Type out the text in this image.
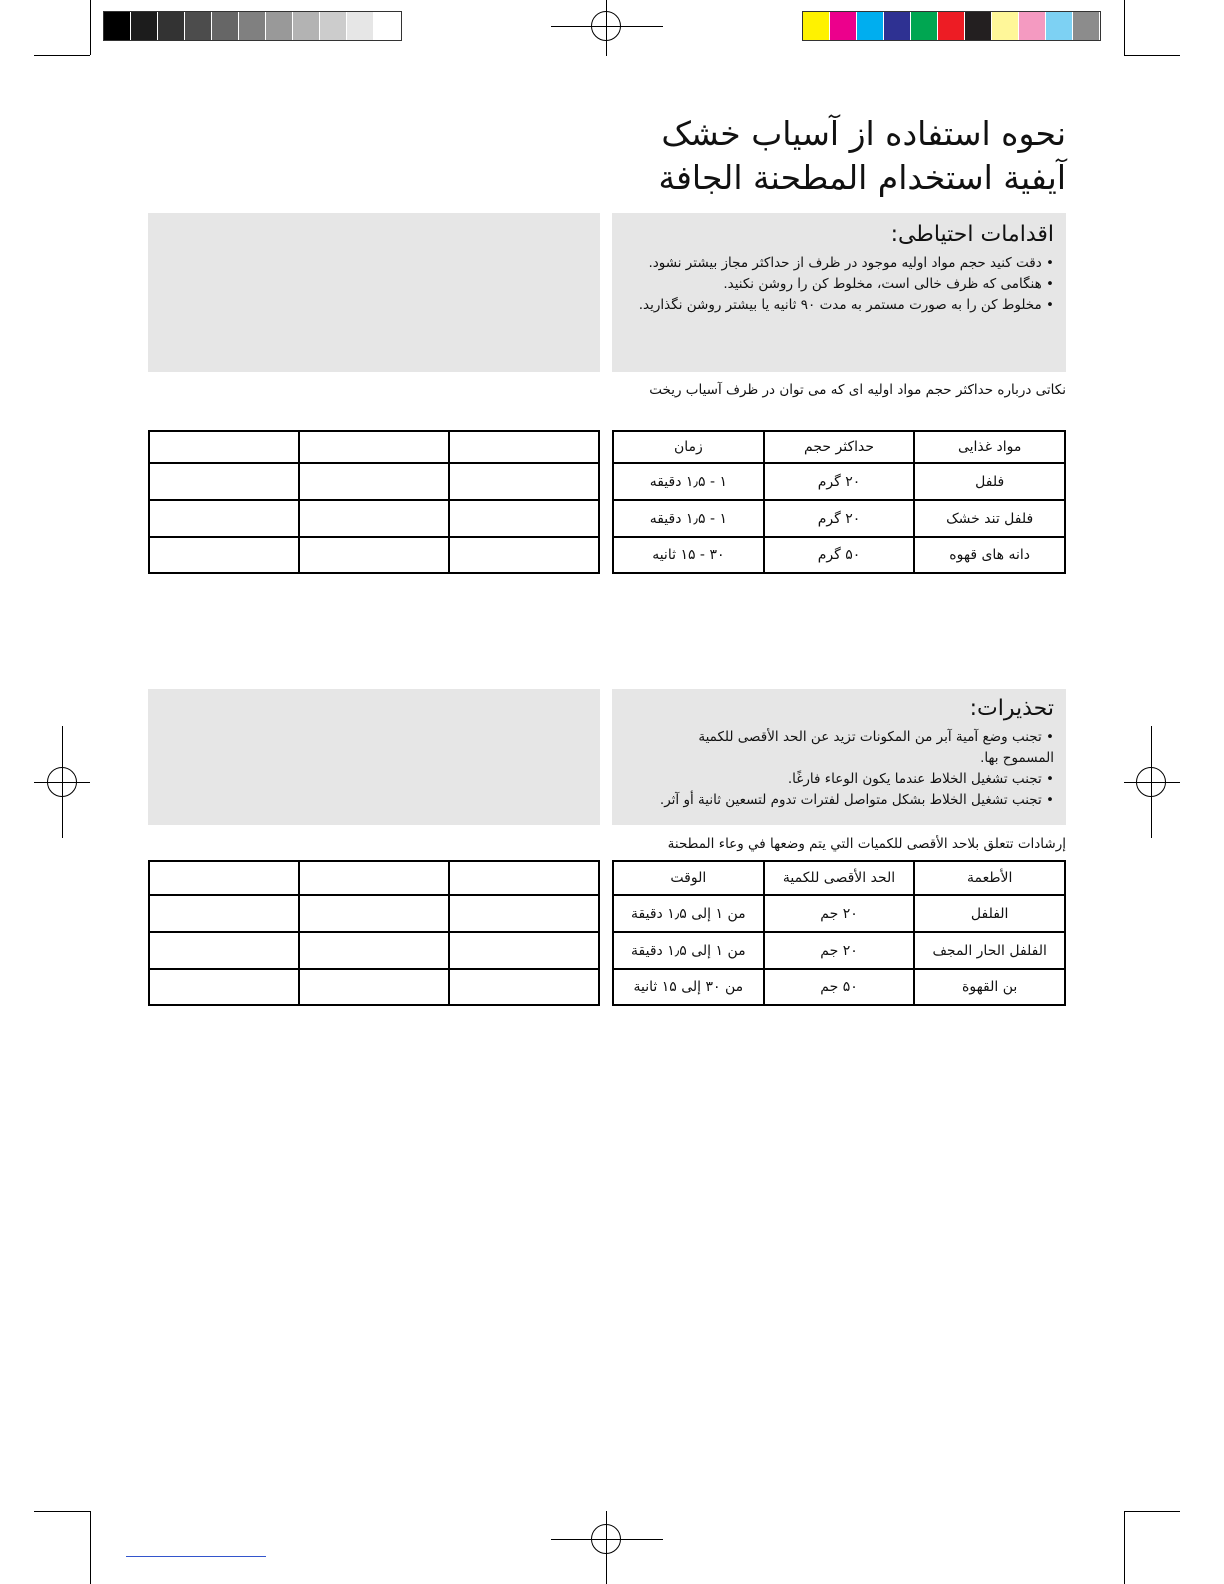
نحوه استفاده از آسیاب خشک
آيفية استخدام المطحنة الجافة
اقدامات احتیاطی:
• دقت کنید حجم مواد اولیه موجود در ظرف از حداکثر مجاز بیشتر نشود.
• هنگامی که ظرف خالی است، مخلوط کن را روشن نکنید.
• مخلوط کن را به صورت مستمر به مدت ۹۰ ثانیه یا بیشتر روشن نگذارید.
نکاتی درباره حداکثر حجم مواد اولیه ای که می توان در ظرف آسیاب ریخت

مواد غذایی	حداکثر حجم	زمان
فلفل	۲۰ گرم	۱ - ۱٫۵ دقیقه
فلفل تند خشک	۲۰ گرم	۱ - ۱٫۵ دقیقه
دانه های قهوه	۵۰ گرم	۳۰ - ۱۵ ثانیه
تحذيرات:
• تجنب وضع آمية آبر من المكونات تزيد عن الحد الأقصى للكمية المسموح بها.
• تجنب تشغيل الخلاط عندما يكون الوعاء فارغًا.
• تجنب تشغيل الخلاط بشكل متواصل لفترات تدوم لتسعين ثانية أو آثر.
إرشادات تتعلق بلاحد الأقصى للكميات التي يتم وضعها في وعاء المطحنة

الأطعمة	الحد الأقصى للكمية	الوقت
الفلفل	۲۰ جم	من ۱ إلى ۱٫۵ دقيقة
الفلفل الحار المجف	۲۰ جم	من ۱ إلى ۱٫۵ دقيقة
بن القهوة	۵۰ جم	من ۳۰ إلى ۱۵ ثانية
